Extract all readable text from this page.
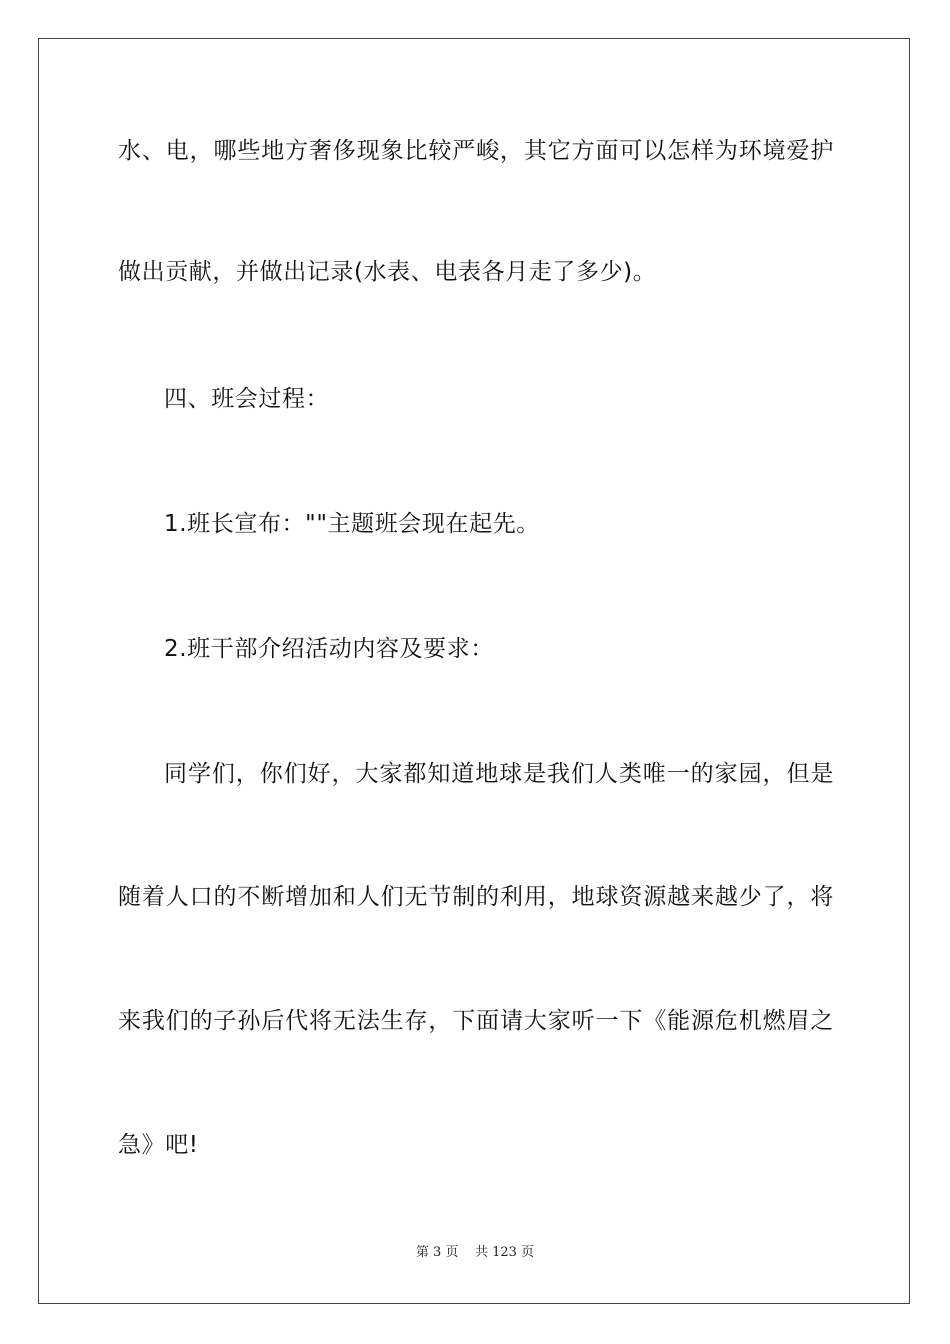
水、电，哪些地方奢侈现象比较严峻，其它方面可以怎样为环境爱护
做出贡献，并做出记录(水表、电表各月走了多少)。
四、班会过程：
1.班长宣布：""主题班会现在起先。
2.班干部介绍活动内容及要求：
同学们，你们好，大家都知道地球是我们人类唯一的家园，但是
随着人口的不断增加和人们无节制的利用，地球资源越来越少了，将
来我们的子孙后代将无法生存，下面请大家听一下《能源危机燃眉之
急》吧!
第 3 页    共 123 页
